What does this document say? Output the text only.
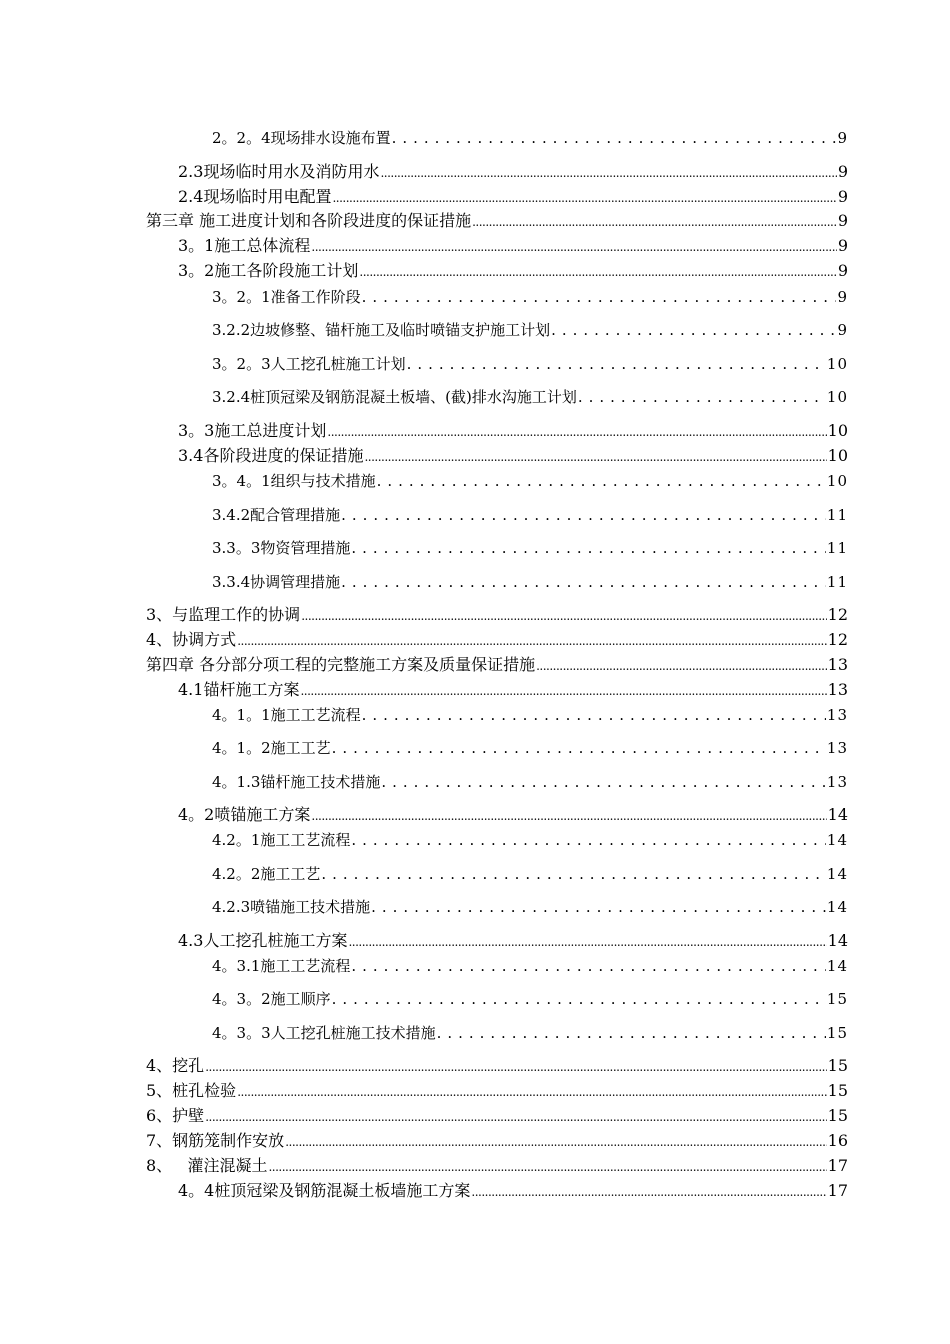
2。2。4现场排水设施布置 . . .	9
2.3现场临时用水及消防用水 .....	9
2.4现场临时用电配置 .....	9
第三章 施工进度计划和各阶段进度的保证措施 .....	9
3。1施工总体流程 .....	9
3。2施工各阶段施工计划 .....	9
3。2。1准备工作阶段 . . .	9
3.2.2边坡修整、锚杆施工及临时喷锚支护施工计划 . . .	9
3。2。3人工挖孔桩施工计划 . . .	10
3.2.4桩顶冠梁及钢筋混凝土板墙、(截)排水沟施工计划 . . .	10
3。3施工总进度计划 .....	10
3.4各阶段进度的保证措施 .....	10
3。4。1组织与技术措施 . . .	10
3.4.2配合管理措施 . . .	11
3.3。3物资管理措施 . . .	11
3.3.4协调管理措施 . . .	11
3、与监理工作的协调 .....	12
4、协调方式 .....	12
第四章 各分部分项工程的完整施工方案及质量保证措施 .....	13
4.1锚杆施工方案 .....	13
4。1。1施工工艺流程 . . .	13
4。1。2施工工艺 . . .	13
4。1.3锚杆施工技术措施 . . .	13
4。2喷锚施工方案 .....	14
4.2。1施工工艺流程 . . .	14
4.2。2施工工艺 . . .	14
4.2.3喷锚施工技术措施 . . .	14
4.3人工挖孔桩施工方案 .....	14
4。3.1施工工艺流程 . . .	14
4。3。2施工顺序 . . .	15
4。3。3人工挖孔桩施工技术措施 . . .	15
4、挖孔 .....	15
5、桩孔检验 .....	15
6、护壁 .....	15
7、钢筋笼制作安放 .....	16
8、   灌注混凝土 .....	17
4。4桩顶冠梁及钢筋混凝土板墙施工方案 .....	17
